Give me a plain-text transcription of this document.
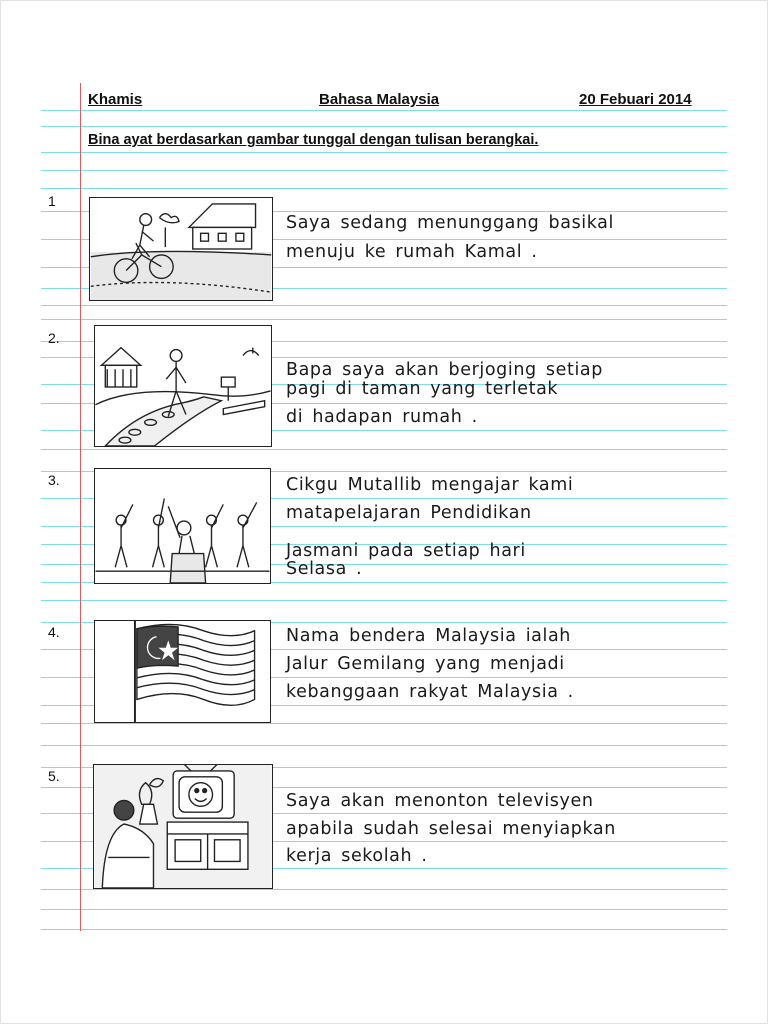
Khamis	Bahasa Malaysia	20 Febuari 2014
Bina ayat berdasarkan gambar tunggal dengan tulisan berangkai.
1
Saya sedang menunggang basikal
menuju ke rumah Kamal .
2.
Bapa saya akan berjoging setiap
pagi di taman yang terletak
di hadapan rumah .
3.	Cikgu Mutallib mengajar kami
matapelajaran Pendidikan
Jasmani pada setiap hari
Selasa .
4.	Nama bendera Malaysia ialah
Jalur Gemilang yang menjadi
kebanggaan rakyat Malaysia .
5.
Saya akan menonton televisyen
apabila sudah selesai menyiapkan
kerja sekolah .
